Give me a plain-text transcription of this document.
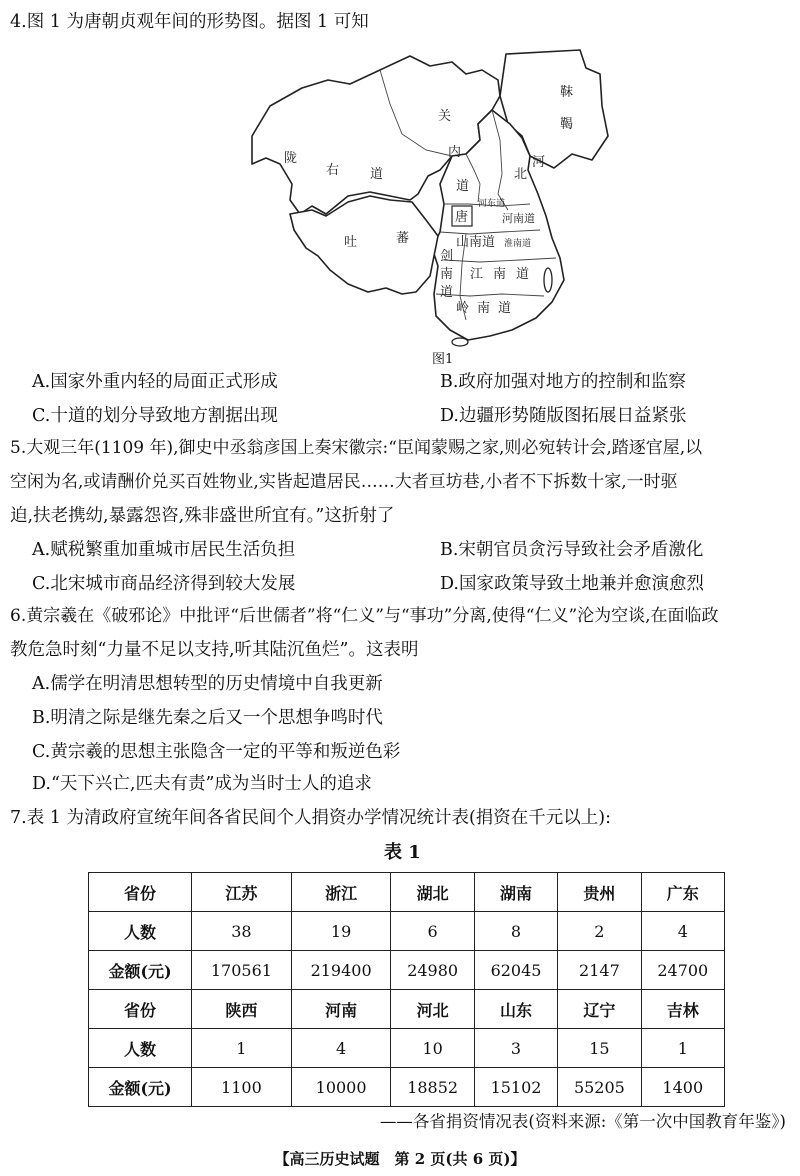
4.图 1 为唐朝贞观年间的形势图。据图 1 可知
关
内
道
陇
右 道
吐	蕃
靺
鞨
河
北
河东道
河南道
唐
山南道 淮南道
剑
南
道
江南道
岭南道
图1
A.国家外重内轻的局面正式形成	B.政府加强对地方的控制和监察
C.十道的划分导致地方割据出现	D.边疆形势随版图拓展日益紧张
5.大观三年(1109 年),御史中丞翁彦国上奏宋徽宗:“臣闻蒙赐之家,则必宛转计会,踏逐官屋,以
空闲为名,或请酬价兑买百姓物业,实皆起遣居民……大者亘坊巷,小者不下拆数十家,一时驱
迫,扶老携幼,暴露怨咨,殊非盛世所宜有。”这折射了
A.赋税繁重加重城市居民生活负担	B.宋朝官员贪污导致社会矛盾激化
C.北宋城市商品经济得到较大发展	D.国家政策导致土地兼并愈演愈烈
6.黄宗羲在《破邪论》中批评“后世儒者”将“仁义”与“事功”分离,使得“仁义”沦为空谈,在面临政
教危急时刻“力量不足以支持,听其陆沉鱼烂”。这表明
A.儒学在明清思想转型的历史情境中自我更新
B.明清之际是继先秦之后又一个思想争鸣时代
C.黄宗羲的思想主张隐含一定的平等和叛逆色彩
D.“天下兴亡,匹夫有责”成为当时士人的追求
7.表 1 为清政府宣统年间各省民间个人捐资办学情况统计表(捐资在千元以上):
表 1
省份	江苏	浙江	湖北	湖南	贵州	广东
人数	38	19	6	8	2	4
金额(元)	170561	219400	24980	62045	2147	24700
省份	陕西	河南	河北	山东	辽宁	吉林
人数	1	4	10	3	15	1
金额(元)	1100	10000	18852	15102	55205	1400
——各省捐资情况表(资料来源:《第一次中国教育年鉴》)
【高三历史试题　第 2 页(共 6 页)】
